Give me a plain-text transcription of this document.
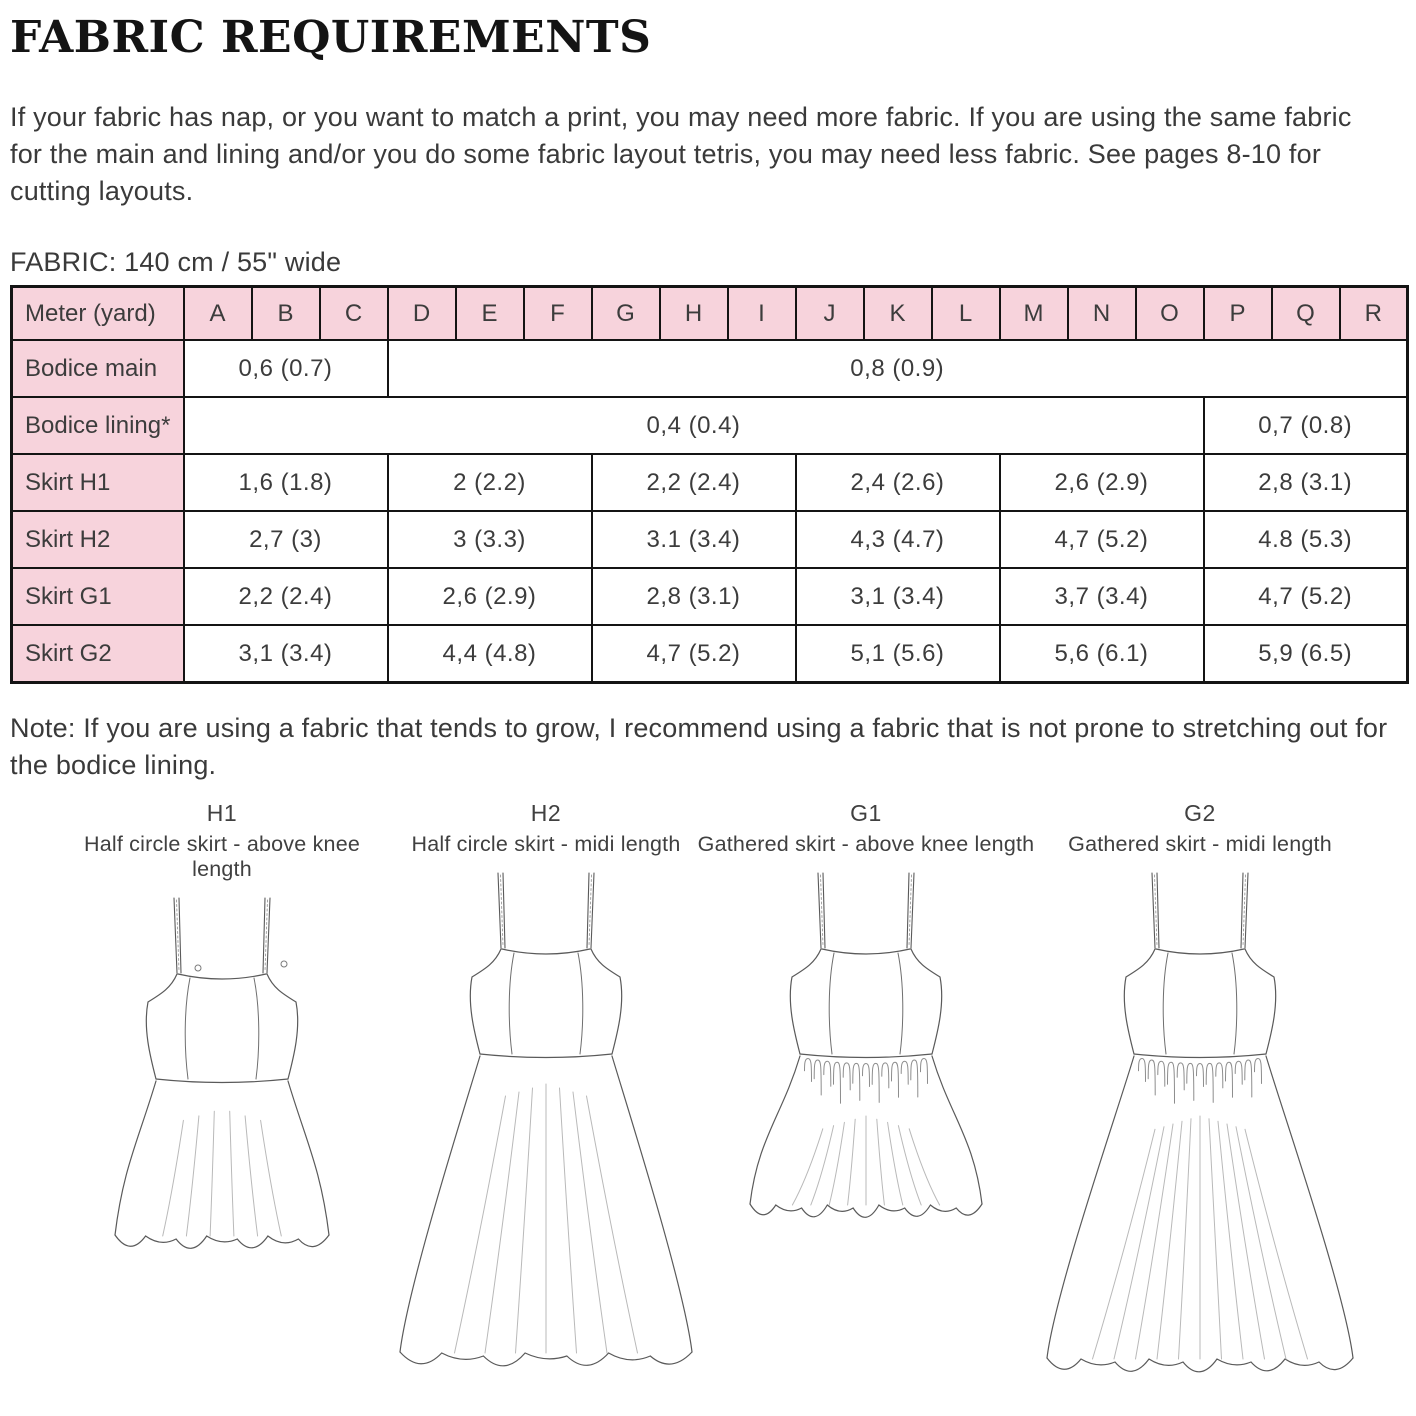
FABRIC REQUIREMENTS
If your fabric has nap, or you want to match a print, you may need more fabric. If you are using the same fabric for the main and lining and/or you do some fabric layout tetris, you may need less fabric. See pages 8-10 for cutting layouts.
FABRIC: 140 cm / 55" wide
Meter (yard)	A	B	C	D	E	F	G	H	I	J	K	L	M	N	O	P	Q	R
Bodice main	0,6 (0.7)			0,8 (0.9)														
Bodice lining*	0,4 (0.4)															0,7 (0.8)		
Skirt H1	1,6 (1.8)			2 (2.2)			2,2 (2.4)			2,4 (2.6)			2,6 (2.9)			2,8 (3.1)		
Skirt H2	2,7 (3)			3 (3.3)			3.1 (3.4)			4,3 (4.7)			4,7 (5.2)			4.8 (5.3)		
Skirt G1	2,2 (2.4)			2,6 (2.9)			2,8 (3.1)			3,1 (3.4)			3,7 (3.4)			4,7 (5.2)		
Skirt G2	3,1 (3.4)			4,4 (4.8)			4,7 (5.2)			5,1 (5.6)			5,6 (6.1)			5,9 (6.5)		
Note: If you are using a fabric that tends to grow, I recommend using a fabric that is not prone to stretching out for the bodice lining.
H1
Half circle skirt - above knee length
H2
Half circle skirt - midi length
G1
Gathered skirt - above knee length
G2
Gathered skirt - midi length
